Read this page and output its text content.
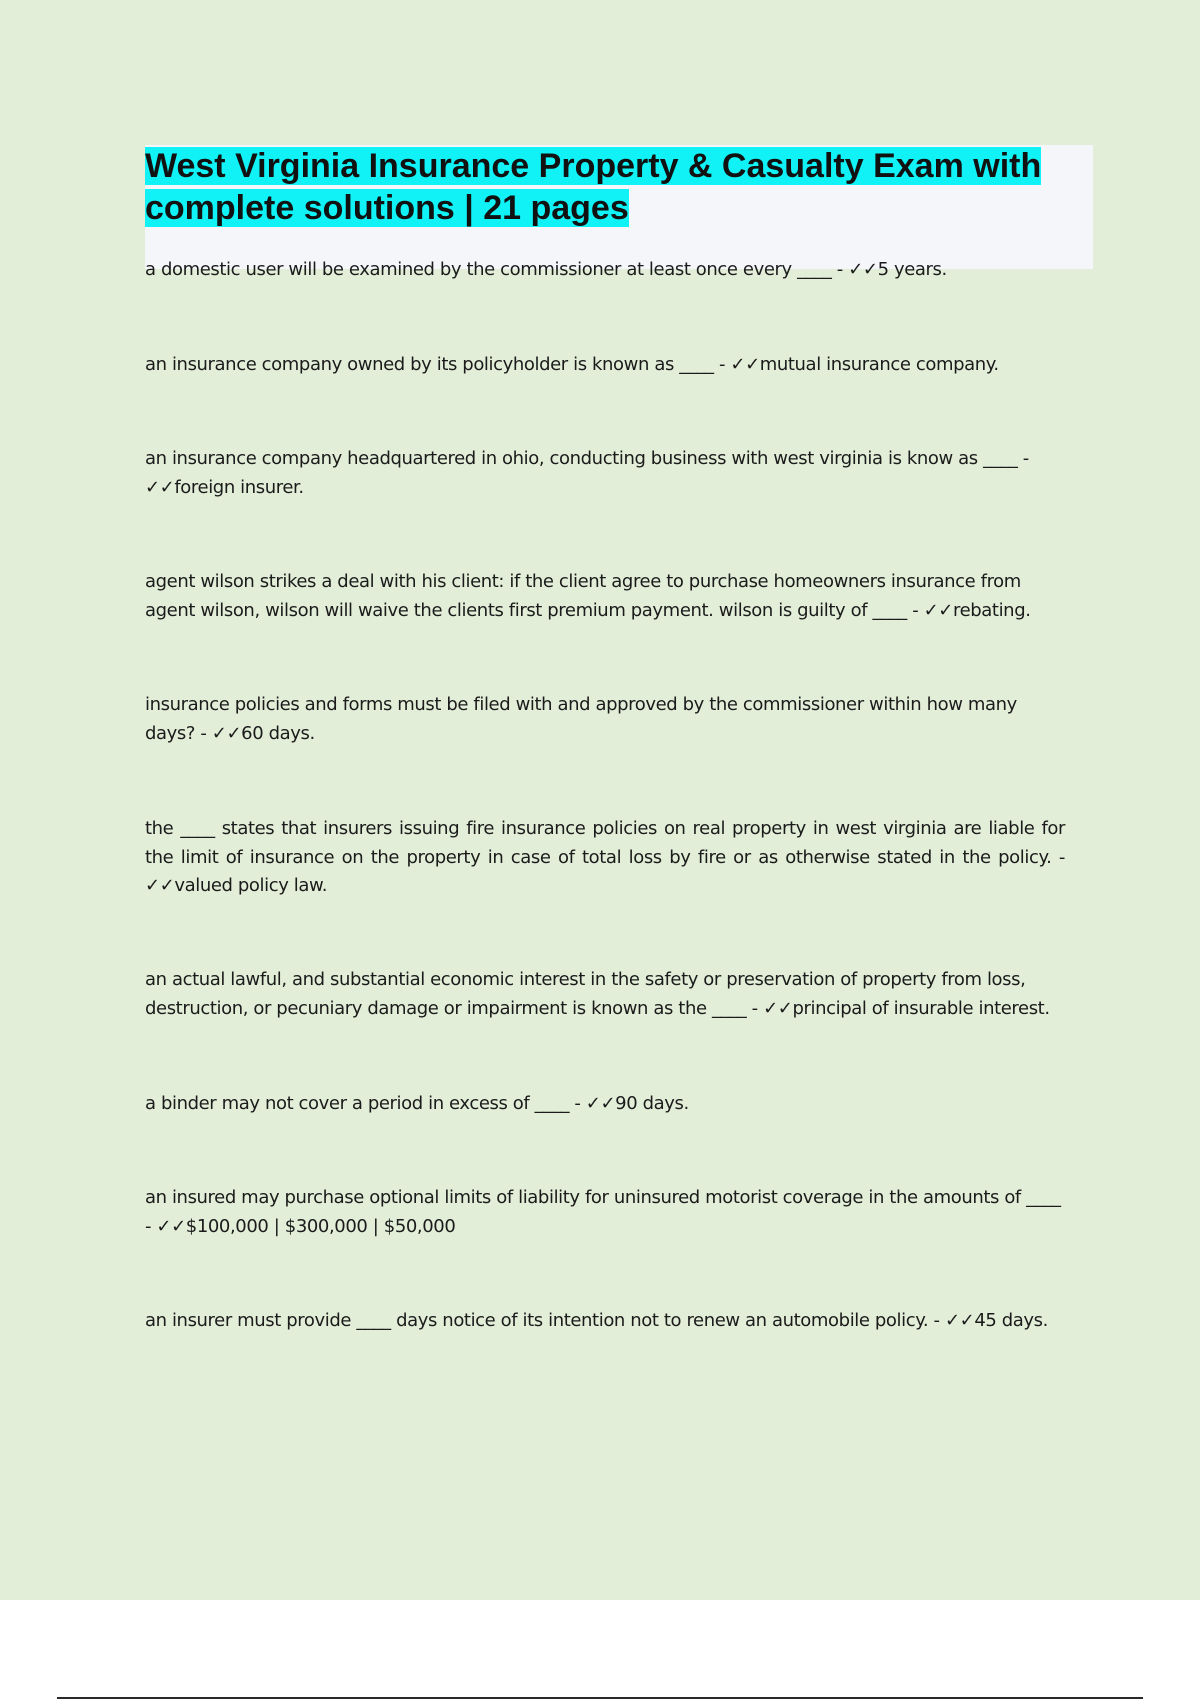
West Virginia Insurance Property & Casualty Exam with complete solutions | 21 pages

a domestic user will be examined by the commissioner at least once every ____ - ✓✓5 years.

an insurance company owned by its policyholder is known as ____ - ✓✓mutual insurance company.

an insurance company headquartered in ohio, conducting business with west virginia is know as ____ - ✓✓foreign insurer.

agent wilson strikes a deal with his client: if the client agree to purchase homeowners insurance from agent wilson, wilson will waive the clients first premium payment. wilson is guilty of ____ - ✓✓rebating.

insurance policies and forms must be filed with and approved by the commissioner within how many days? - ✓✓60 days.

the ____ states that insurers issuing fire insurance policies on real property in west virginia are liable for the limit of insurance on the property in case of total loss by fire or as otherwise stated in the policy. - ✓✓valued policy law.

an actual lawful, and substantial economic interest in the safety or preservation of property from loss, destruction, or pecuniary damage or impairment is known as the ____ - ✓✓principal of insurable interest.

a binder may not cover a period in excess of ____ - ✓✓90 days.

an insured may purchase optional limits of liability for uninsured motorist coverage in the amounts of ____ - ✓✓$100,000 | $300,000 | $50,000

an insurer must provide ____ days notice of its intention not to renew an automobile policy. - ✓✓45 days.
